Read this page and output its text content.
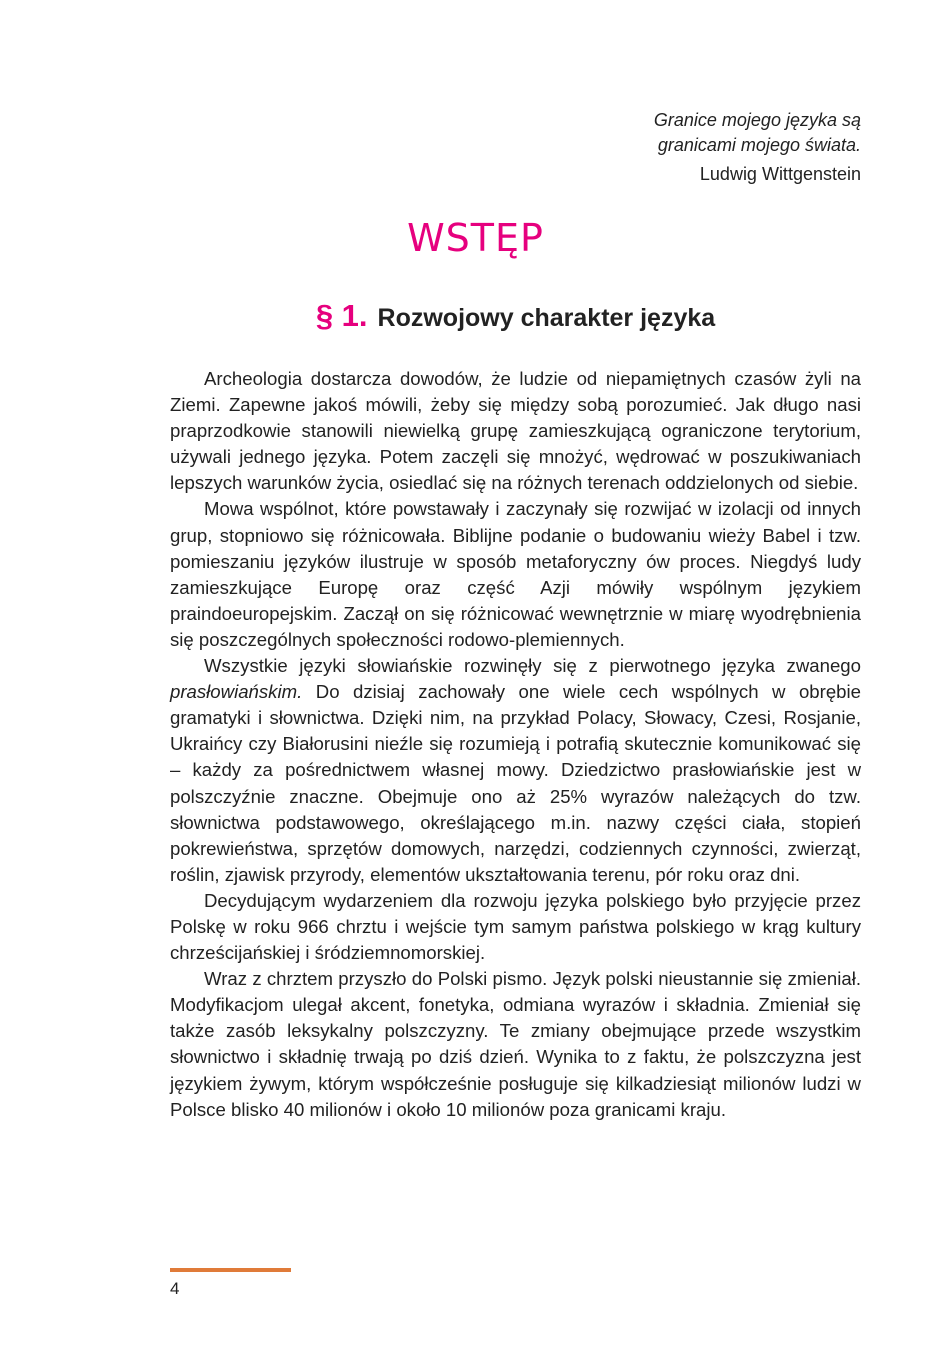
Granice mojego języka są
granicami mojego świata.
Ludwig Wittgenstein
WSTĘP
§ 1. Rozwojowy charakter języka

Archeologia dostarcza dowodów, że ludzie od niepamiętnych czasów żyli na Ziemi. Zapewne jakoś mówili, żeby się między sobą porozumieć. Jak długo nasi praprzodkowie stanowili niewielką grupę zamieszkującą ograniczone terytorium, używali jednego języka. Potem zaczęli się mnożyć, wędrować w poszukiwaniach lepszych warunków życia, osiedlać się na różnych terenach oddzielonych od siebie.

Mowa wspólnot, które powstawały i zaczynały się rozwijać w izolacji od innych grup, stopniowo się różnicowała. Biblijne podanie o budowaniu wieży Babel i tzw. pomieszaniu języków ilustruje w sposób metaforyczny ów proces. Niegdyś ludy zamieszkujące Europę oraz część Azji mówiły wspólnym językiem praindoeuropejskim. Zaczął on się różnicować wewnętrznie w miarę wyodrębnienia się poszczególnych społeczności rodowo-plemiennych.

Wszystkie języki słowiańskie rozwinęły się z pierwotnego języka zwanego prasłowiańskim. Do dzisiaj zachowały one wiele cech wspólnych w obrębie gramatyki i słownictwa. Dzięki nim, na przykład Polacy, Słowacy, Czesi, Rosjanie, Ukraińcy czy Białorusini nieźle się rozumieją i potrafią skutecznie komunikować się – każdy za pośrednictwem własnej mowy. Dziedzictwo prasłowiańskie jest w polszczyźnie znaczne. Obejmuje ono aż 25% wyrazów należących do tzw. słownictwa podstawowego, określającego m.in. nazwy części ciała, stopień pokrewieństwa, sprzętów domowych, narzędzi, codziennych czynności, zwierząt, roślin, zjawisk przyrody, elementów ukształtowania terenu, pór roku oraz dni.

Decydującym wydarzeniem dla rozwoju języka polskiego było przyjęcie przez Polskę w roku 966 chrztu i wejście tym samym państwa polskiego w krąg kultury chrześcijańskiej i śródziemnomorskiej.

Wraz z chrztem przyszło do Polski pismo. Język polski nieustannie się zmieniał. Modyfikacjom ulegał akcent, fonetyka, odmiana wyrazów i składnia. Zmieniał się także zasób leksykalny polszczyzny. Te zmiany obejmujące przede wszystkim słownictwo i składnię trwają po dziś dzień. Wynika to z faktu, że polszczyzna jest językiem żywym, którym współcześnie posługuje się kilkadziesiąt milionów ludzi w Polsce blisko 40 milionów i około 10 milionów poza granicami kraju.

4
